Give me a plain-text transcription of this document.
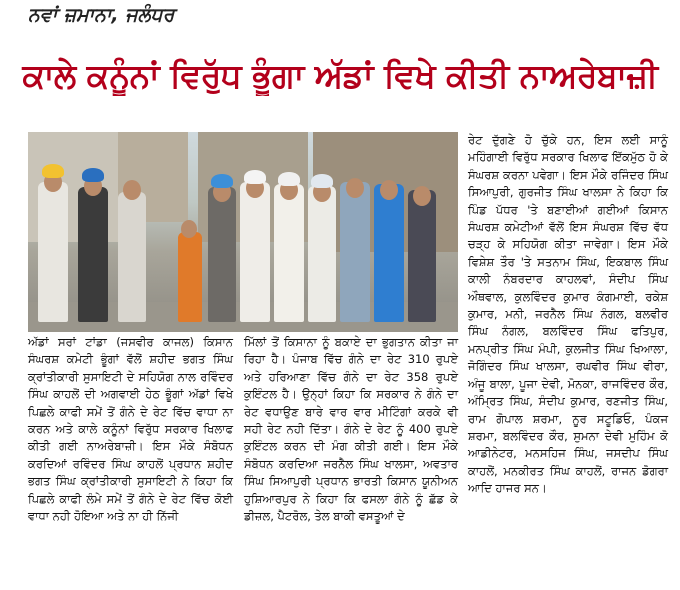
ਨਵਾਂ ਜ਼ਮਾਨਾ, ਜਲੰਧਰ
ਕਾਲੇ ਕਨੂੰਨਾਂ ਵਿਰੁੱਧ ਭੂੰਗਾ ਅੱਡਾਂ ਵਿਖੇ ਕੀਤੀ ਨਾਅਰੇਬਾਜ਼ੀ

ਅੱਡਾਂ ਸਰਾਂ ਟਾਂਡਾ (ਜਸਵੀਰ ਕਾਜਲ) ਕਿਸਾਨ ਸੰਘਰਸ਼ ਕਮੇਟੀ ਭੂੰਗਾਂ ਵੱਲੋਂ ਸ਼ਹੀਦ ਭਗਤ ਸਿੰਘ ਕ੍ਰਾਂਤੀਕਾਰੀ ਸੁਸਾਇਟੀ ਦੇ ਸਹਿਯੋਗ ਨਾਲ ਰਵਿੰਦਰ ਸਿੰਘ ਕਾਹਲੋਂ ਦੀ ਅਗਵਾਈ ਹੇਠ ਭੂੰਗਾਂ ਅੱਡਾਂ ਵਿਖੇ ਪਿਛਲੇ ਕਾਫੀ ਸਮੇਂ ਤੋਂ ਗੰਨੇ ਦੇ ਰੇਟ ਵਿੱਚ ਵਾਧਾ ਨਾ ਕਰਨ ਅਤੇ ਕਾਲੇ ਕਨੂੰਨਾਂ ਵਿਰੁੱਧ ਸਰਕਾਰ ਖਿਲਾਫ ਕੀਤੀ ਗਈ ਨਾਅਰੇਬਾਜ਼ੀ। ਇਸ ਮੌਕੇ ਸੰਬੋਧਨ ਕਰਦਿਆਂ ਰਵਿੰਦਰ ਸਿੰਘ ਕਾਹਲੋਂ ਪ੍ਰਧਾਨ ਸ਼ਹੀਦ ਭਗਤ ਸਿੰਘ ਕ੍ਰਾਂਤੀਕਾਰੀ ਸੁਸਾਇਟੀ ਨੇ ਕਿਹਾ ਕਿ ਪਿਛਲੇ ਕਾਫੀ ਲੰਮੇ ਸਮੇਂ ਤੋਂ ਗੰਨੇ ਦੇ ਰੇਟ ਵਿੱਚ ਕੋਈ ਵਾਧਾ ਨਹੀ ਹੋਇਆ ਅਤੇ ਨਾ ਹੀ ਨਿੱਜੀ

ਮਿੱਲਾਂ ਤੋਂ ਕਿਸਾਨਾ ਨੂੰ ਬਕਾਏ ਦਾ ਭੁਗਤਾਨ ਕੀਤਾ ਜਾ ਰਿਹਾ ਹੈ। ਪੰਜਾਬ ਵਿੱਚ ਗੰਨੇ ਦਾ ਰੇਟ 310 ਰੁਪਏ ਅਤੇ ਹਰਿਆਣਾ ਵਿੱਚ ਗੰਨੇ ਦਾ ਰੇਟ 358 ਰੁਪਏ ਕੁਇੰਟਲ ਹੈ। ਉਨ੍ਹਾਂ ਕਿਹਾ ਕਿ ਸਰਕਾਰ ਨੇ ਗੰਨੇ ਦਾ ਰੇਟ ਵਧਾਉਣ ਬਾਰੇ ਵਾਰ ਵਾਰ ਮੀਟਿੰਗਾਂ ਕਰਕੇ ਵੀ ਸਹੀ ਰੇਟ ਨਹੀ ਦਿੱਤਾ। ਗੰਨੇ ਦੇ ਰੇਟ ਨੂੰ 400 ਰੁਪਏ ਕੁਇੰਟਲ ਕਰਨ ਦੀ ਮੰਗ ਕੀਤੀ ਗਈ। ਇਸ ਮੌਕੇ ਸੰਬੋਧਨ ਕਰਦਿਆ ਜਰਨੈਲ ਸਿੰਘ ਖਾਲਸਾ, ਅਵਤਾਰ ਸਿੰਘ ਸਿਆਪੁਰੀ ਪ੍ਰਧਾਨ ਭਾਰਤੀ ਕਿਸਾਨ ਯੂਨੀਅਨ ਹੁਸ਼ਿਆਰਪੁਰ ਨੇ ਕਿਹਾ ਕਿ ਫਸਲਾ ਗੰਨੇ ਨੂੰ ਛੱਡ ਕੇ ਡੀਜ਼ਲ, ਪੈਟਰੋਲ, ਤੇਲ ਬਾਕੀ ਵਸਤੂਆਂ ਦੇ

ਰੇਟ ਦੁੱਗਣੇ ਹੋ ਚੁੱਕੇ ਹਨ, ਇਸ ਲਈ ਸਾਨੂੰ ਮਹਿੰਗਾਈ ਵਿਰੁੱਧ ਸਰਕਾਰ ਖਿਲਾਫ ਇੱਕਮੁੱਠ ਹੋ ਕੇ ਸੰਘਰਸ਼ ਕਰਨਾ ਪਵੇਗਾ। ਇਸ ਮੌਕੇ ਰਜਿੰਦਰ ਸਿੰਘ ਸਿਆਪੁਰੀ, ਗੁਰਜੀਤ ਸਿੰਘ ਖਾਲਸਾ ਨੇ ਕਿਹਾ ਕਿ ਪਿੰਡ ਪੱਧਰ 'ਤੇ ਬਣਾਈਆਂ ਗਈਆਂ ਕਿਸਾਨ ਸੰਘਰਸ਼ ਕਮੇਟੀਆਂ ਵੱਲੋਂ ਇਸ ਸੰਘਰਸ਼ ਵਿੱਚ ਵੱਧ ਚੜ੍ਹ ਕੇ ਸਹਿਯੋਗ ਕੀਤਾ ਜਾਵੇਗਾ। ਇਸ ਮੌਕੇ ਵਿਸ਼ੇਸ਼ ਤੌਰ 'ਤੇ ਸਤਨਾਮ ਸਿੰਘ, ਇਕਬਾਲ ਸਿੰਘ ਕਾਲੀ ਨੰਬਰਦਾਰ ਕਾਹਲਵਾਂ, ਸੰਦੀਪ ਸਿੰਘ ਔਥਵਾਲ, ਕੁਲਵਿੰਦਰ ਕੁਮਾਰ ਕੰਗਮਾਈ, ਰਕੇਸ਼ ਕੁਮਾਰ, ਮਨੀ, ਜਰਨੈਲ ਸਿੰਘ ਨੰਗਲ, ਬਲਵੀਰ ਸਿੰਘ ਨੰਗਲ, ਬਲਵਿੰਦਰ ਸਿੰਘ ਫਤਿਪੁਰ, ਮਨਪ੍ਰੀਤ ਸਿੰਘ ਮੰਪੀ, ਕੁਲਜੀਤ ਸਿੰਘ ਖਿਆਲਾ, ਜੋਗਿੰਦਰ ਸਿੰਘ ਖਾਲਸਾ, ਰਘਵੀਰ ਸਿੰਘ ਵੀਰਾ, ਅੰਜੂ ਬਾਲਾ, ਪੂਜਾ ਦੇਵੀ, ਮੋਨਕਾ, ਰਾਜਵਿੰਦਰ ਕੌਰ, ਅੰਮ੍ਰਿਤ ਸਿੰਘ, ਸੰਦੀਪ ਕੁਮਾਰ, ਰਣਜੀਤ ਸਿੰਘ, ਰਾਮ ਗੋਪਾਲ ਸ਼ਰਮਾ, ਨੂਰ ਸਟੂਡਿਓ, ਪੰਕਜ ਸ਼ਰਮਾ, ਬਲਵਿੰਦਰ ਕੌਰ, ਸੁਮਨਾ ਦੇਵੀ ਮੁਹਿੰਮ ਕੋ ਆਡੀਨੇਟਰ, ਮਨਸਹਿਜ ਸਿੰਘ, ਜਸਦੀਪ ਸਿੰਘ ਕਾਹਲੋਂ, ਮਨਕੀਰਤ ਸਿੰਘ ਕਾਹਲੋਂ, ਰਾਜਨ ਡੋਗਰਾ ਆਦਿ ਹਾਜਰ ਸਨ।
